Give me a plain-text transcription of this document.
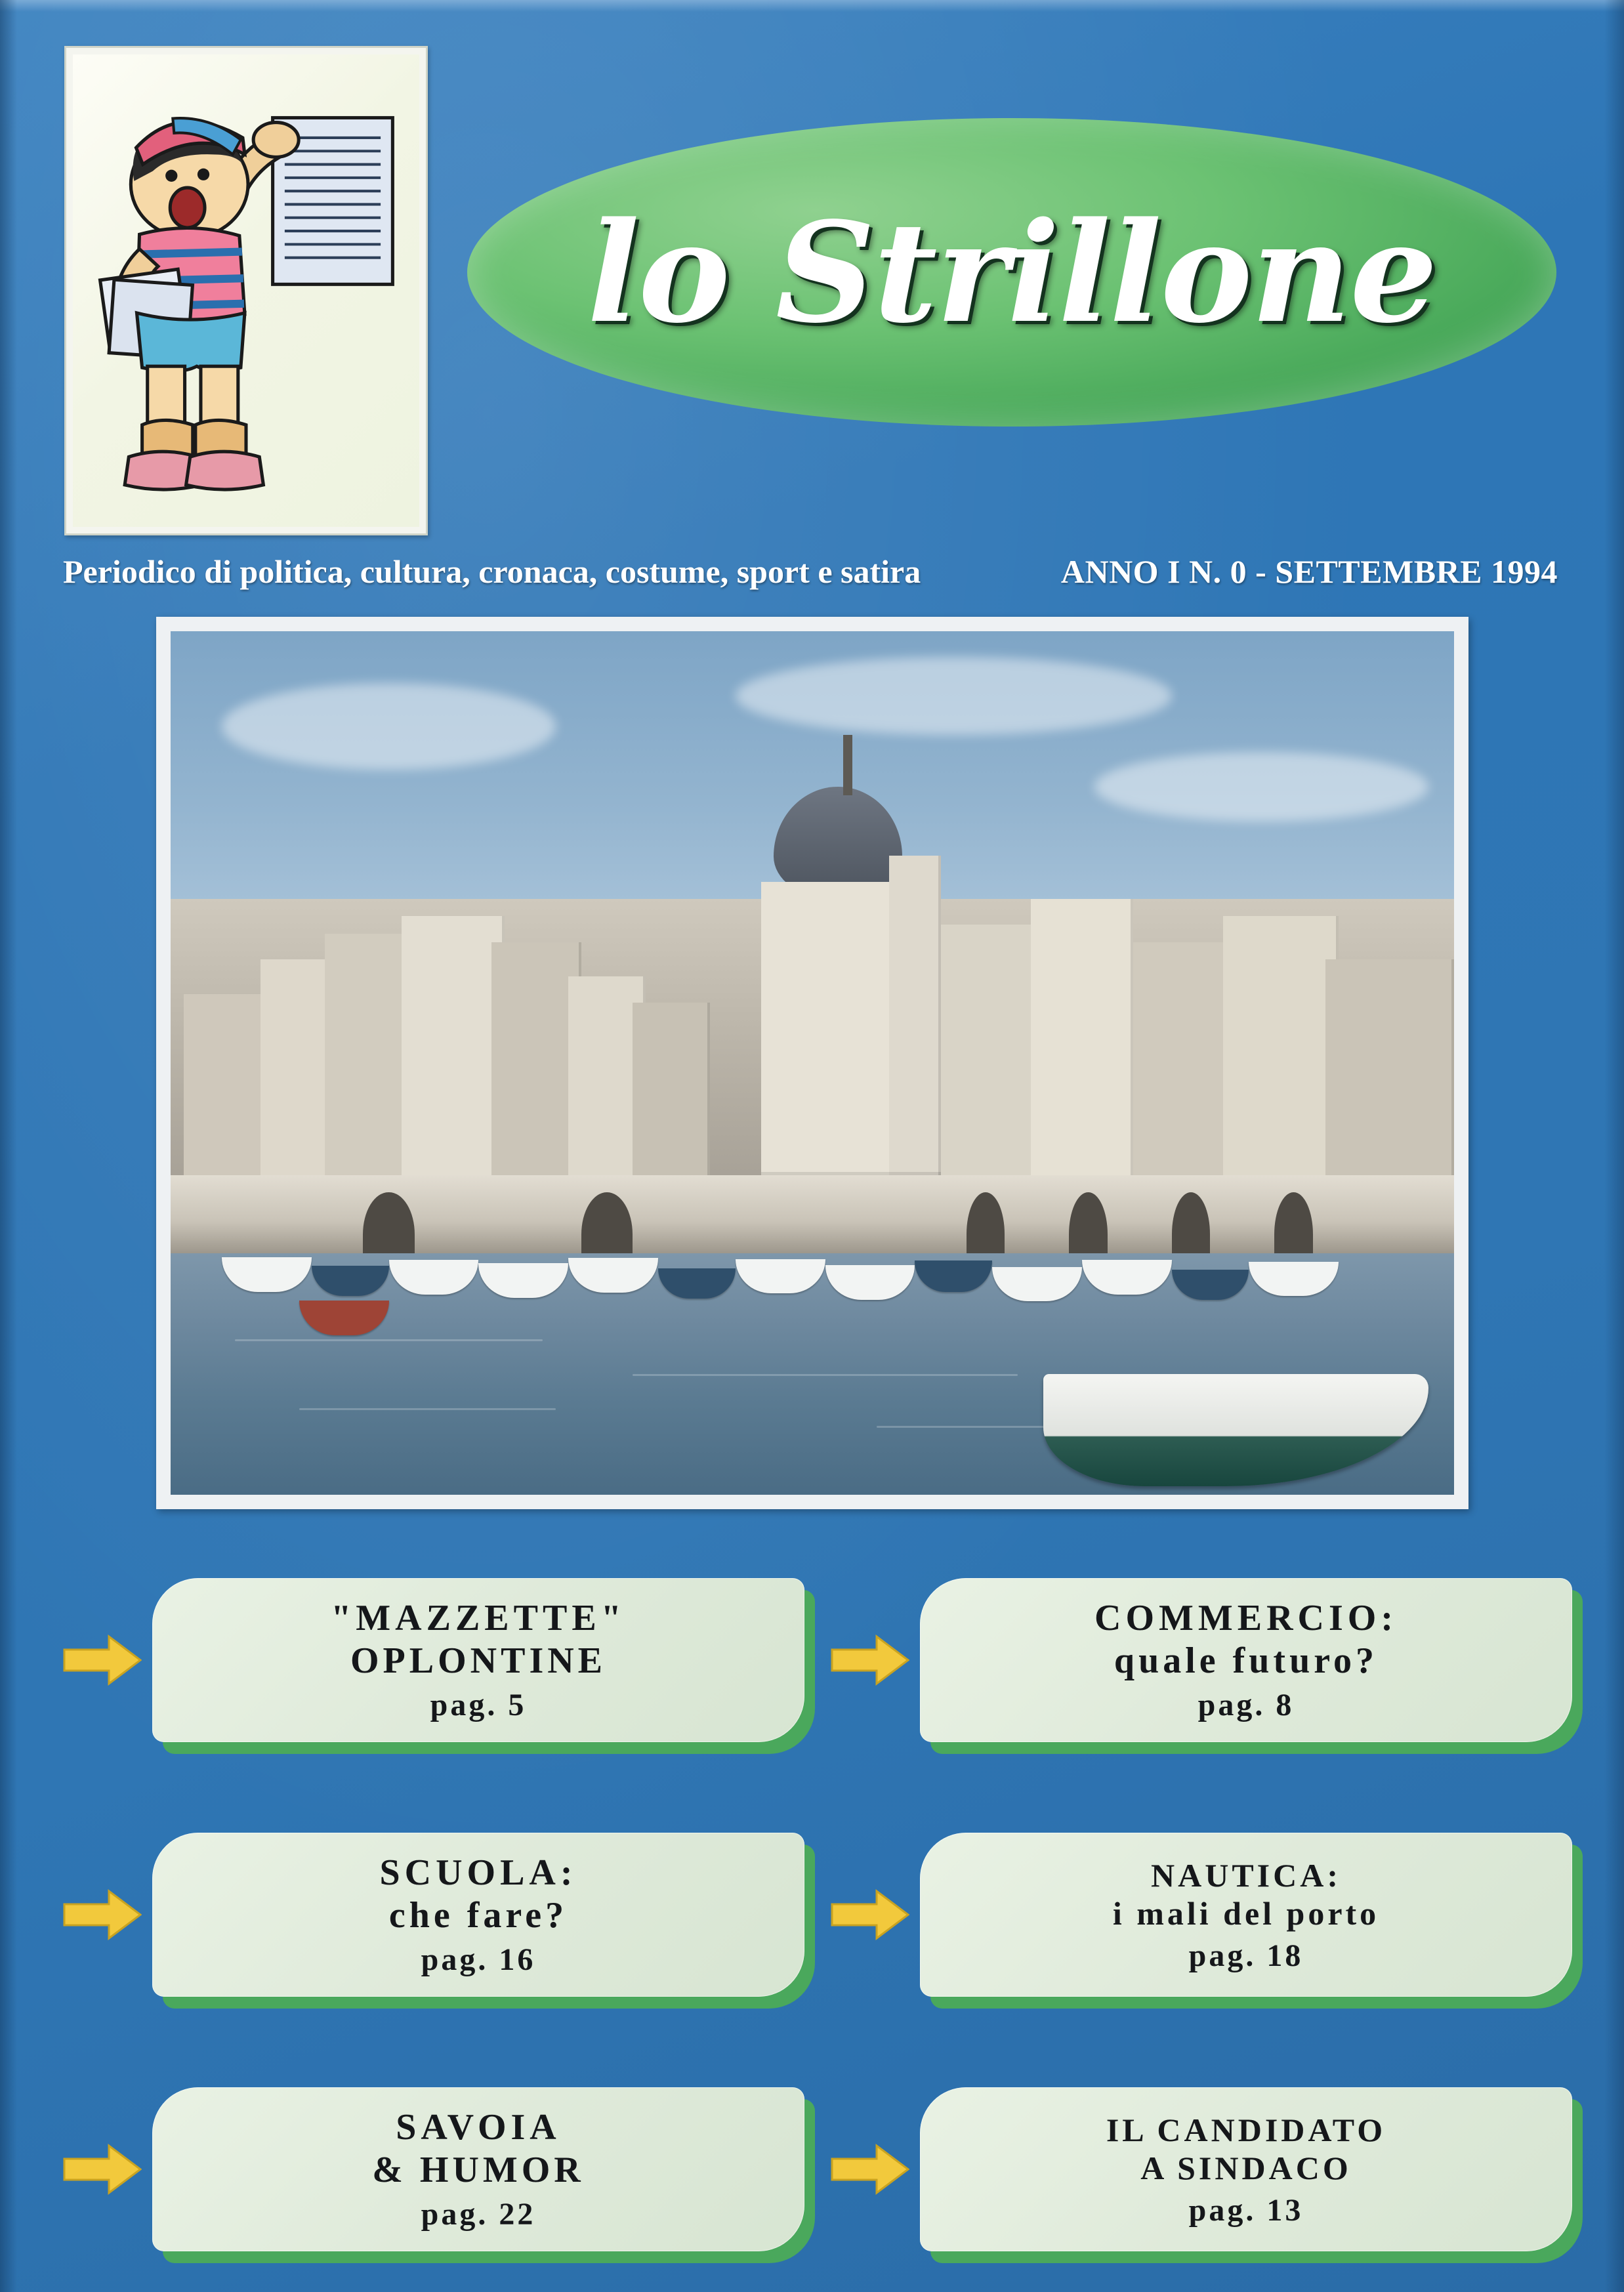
lo Strillone
Periodico di politica, cultura, cronaca, costume, sport e satira	ANNO I N. 0 - SETTEMBRE 1994
"MAZZETTE"
OPLONTINE
pag. 5
COMMERCIO:
quale futuro?
pag. 8
SCUOLA:
che fare?
pag. 16
NAUTICA:
i mali del porto
pag. 18
SAVOIA
& HUMOR
pag. 22
IL CANDIDATO
A SINDACO
pag. 13
